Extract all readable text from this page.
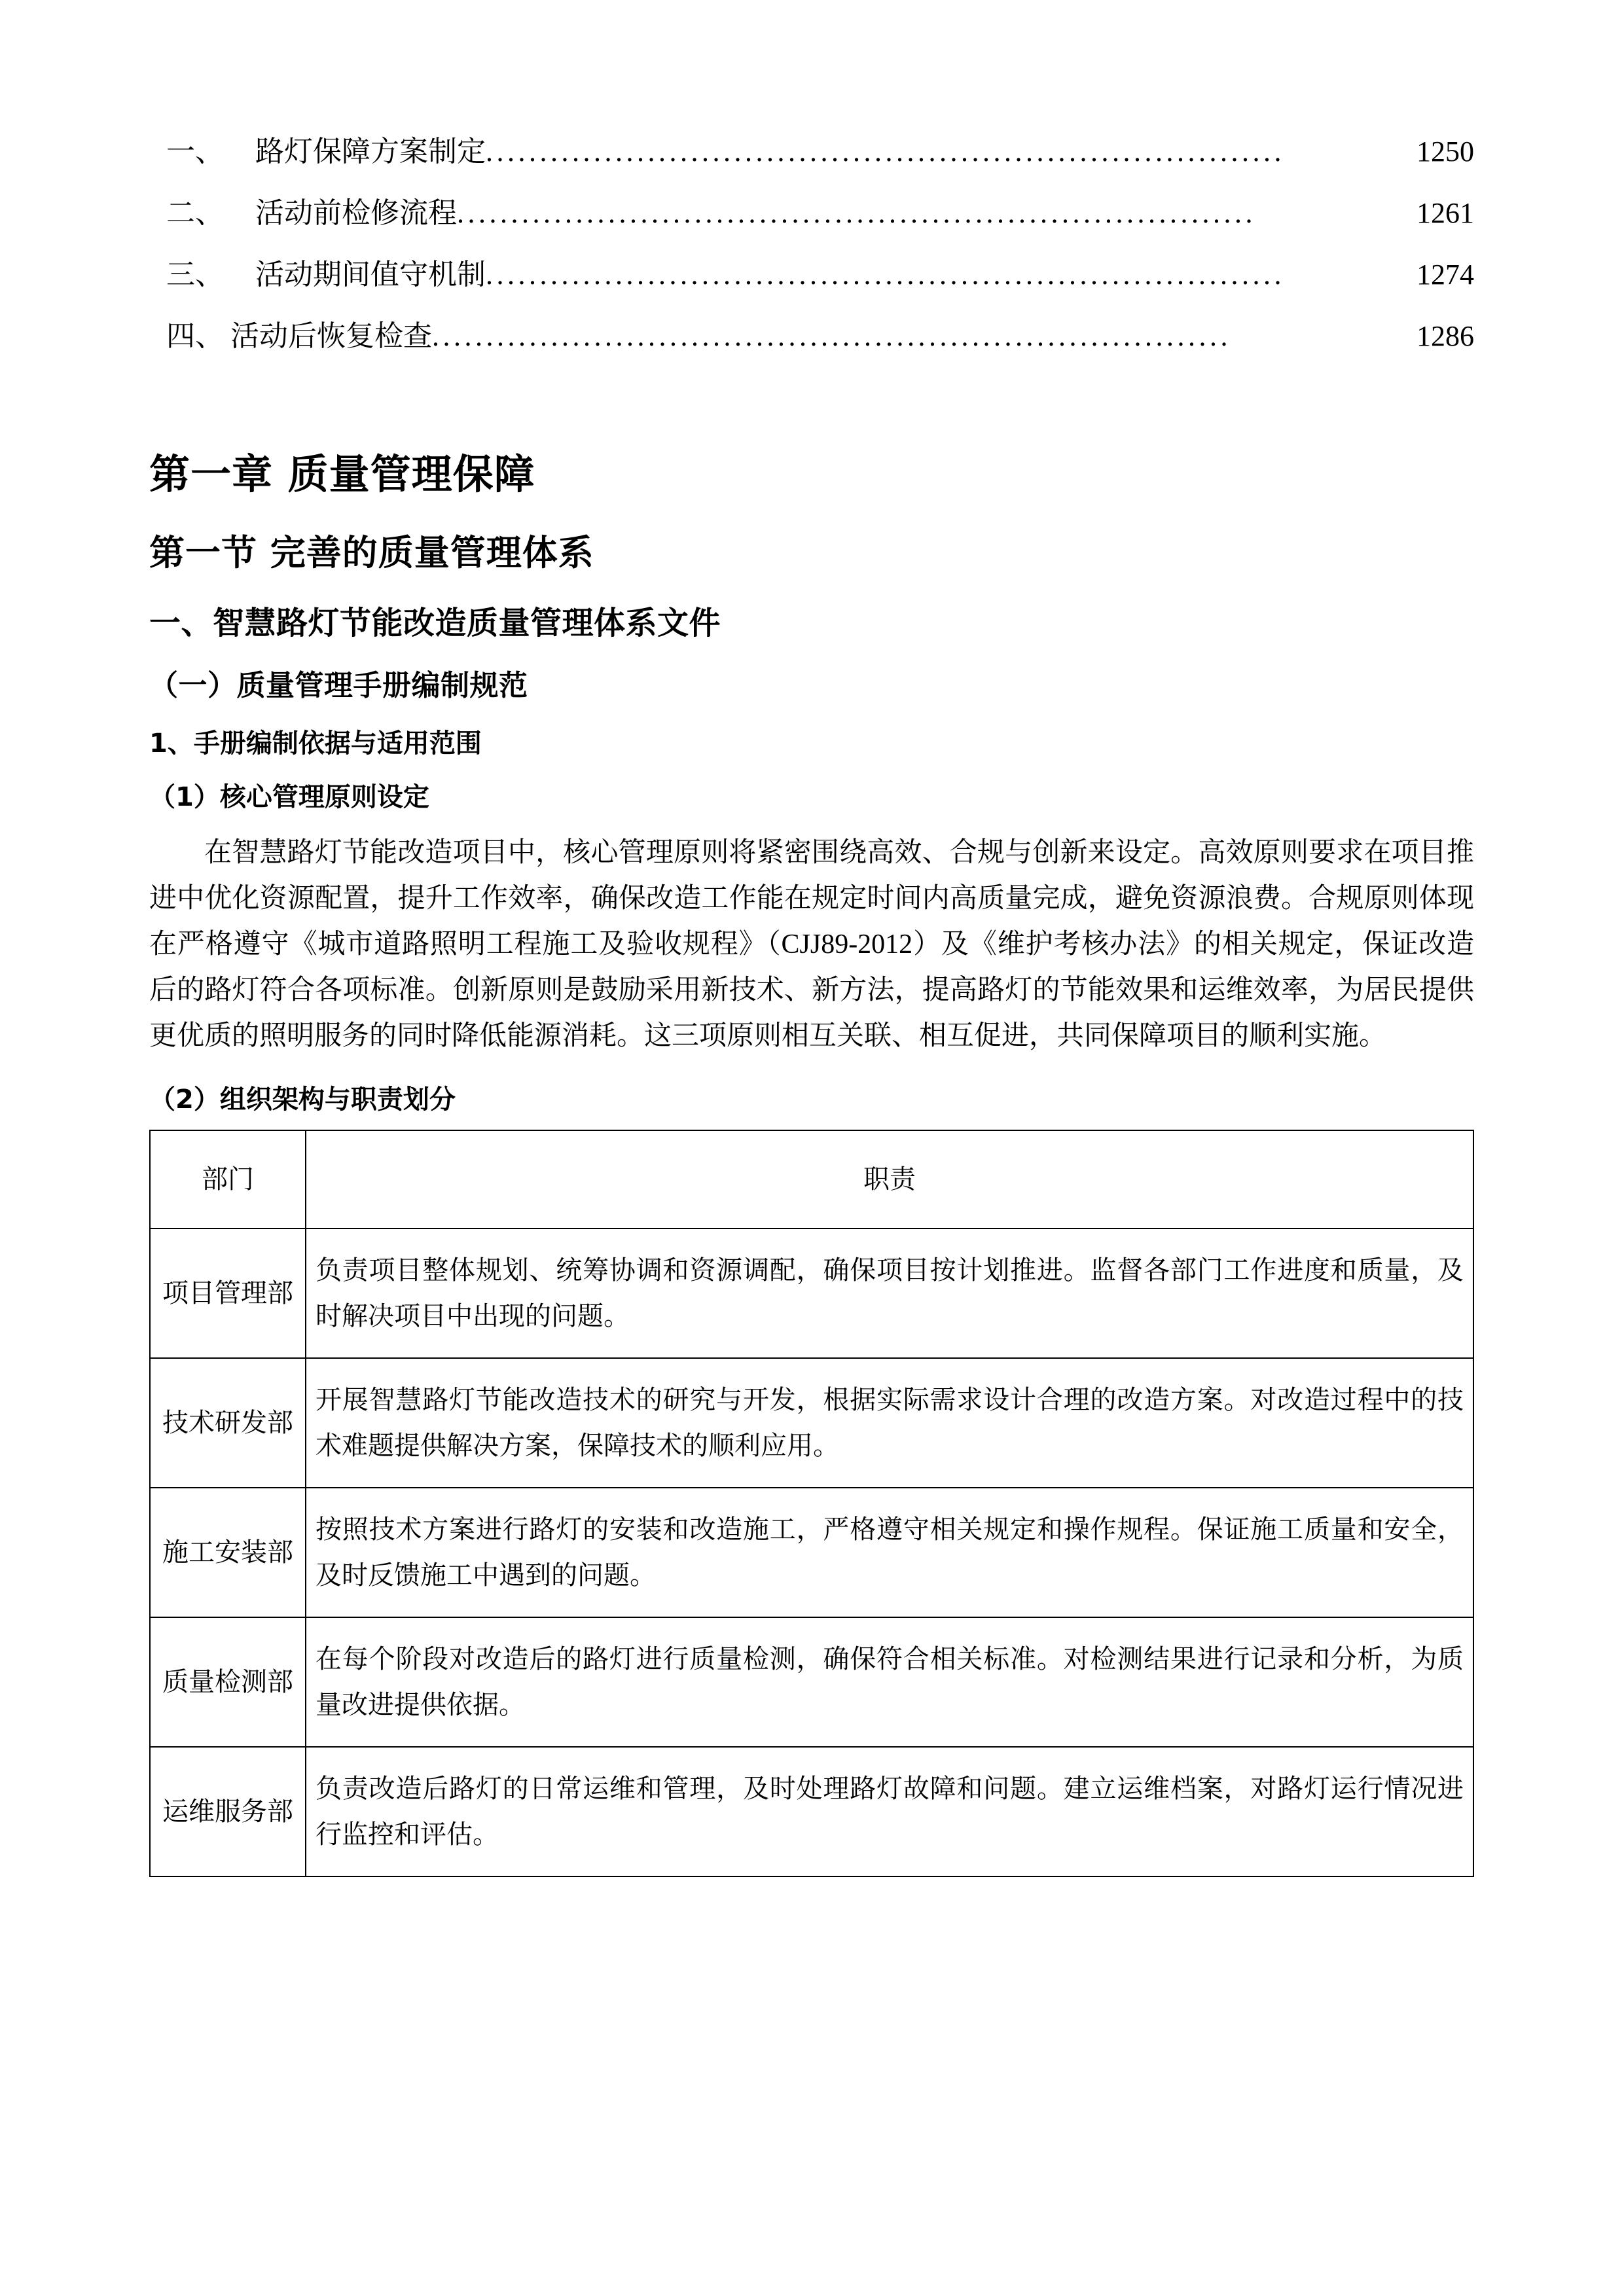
一、 路灯保障方案制定 ..........................................................................	1250
二、 活动前检修流程 ..........................................................................	1261
三、 活动期间值守机制 ..........................................................................	1274
四、 活动后恢复检查 ..........................................................................	1286
第一章 质量管理保障
第一节 完善的质量管理体系
一、智慧路灯节能改造质量管理体系文件
（一）质量管理手册编制规范
1、手册编制依据与适用范围
（1）核心管理原则设定

在智慧路灯节能改造项目中，核心管理原则将紧密围绕高效、合规与创新来设定。高效原则要求在项目推进中优化资源配置，提升工作效率，确保改造工作能在规定时间内高质量完成，避免资源浪费。合规原则体现在严格遵守《城市道路照明工程施工及验收规程》（CJJ89-2012）及《维护考核办法》的相关规定，保证改造后的路灯符合各项标准。创新原则是鼓励采用新技术、新方法，提高路灯的节能效果和运维效率，为居民提供更优质的照明服务的同时降低能源消耗。这三项原则相互关联、相互促进，共同保障项目的顺利实施。

（2）组织架构与职责划分
部门	职责

项目管理部	负责项目整体规划、统筹协调和资源调配，确保项目按计划推进。监督各部门工作进度和质量，及时解决项目中出现的问题。

技术研发部	开展智慧路灯节能改造技术的研究与开发，根据实际需求设计合理的改造方案。对改造过程中的技术难题提供解决方案，保障技术的顺利应用。

施工安装部	按照技术方案进行路灯的安装和改造施工，严格遵守相关规定和操作规程。保证施工质量和安全，及时反馈施工中遇到的问题。

质量检测部	在每个阶段对改造后的路灯进行质量检测，确保符合相关标准。对检测结果进行记录和分析，为质量改进提供依据。

运维服务部	负责改造后路灯的日常运维和管理，及时处理路灯故障和问题。建立运维档案，对路灯运行情况进行监控和评估。
